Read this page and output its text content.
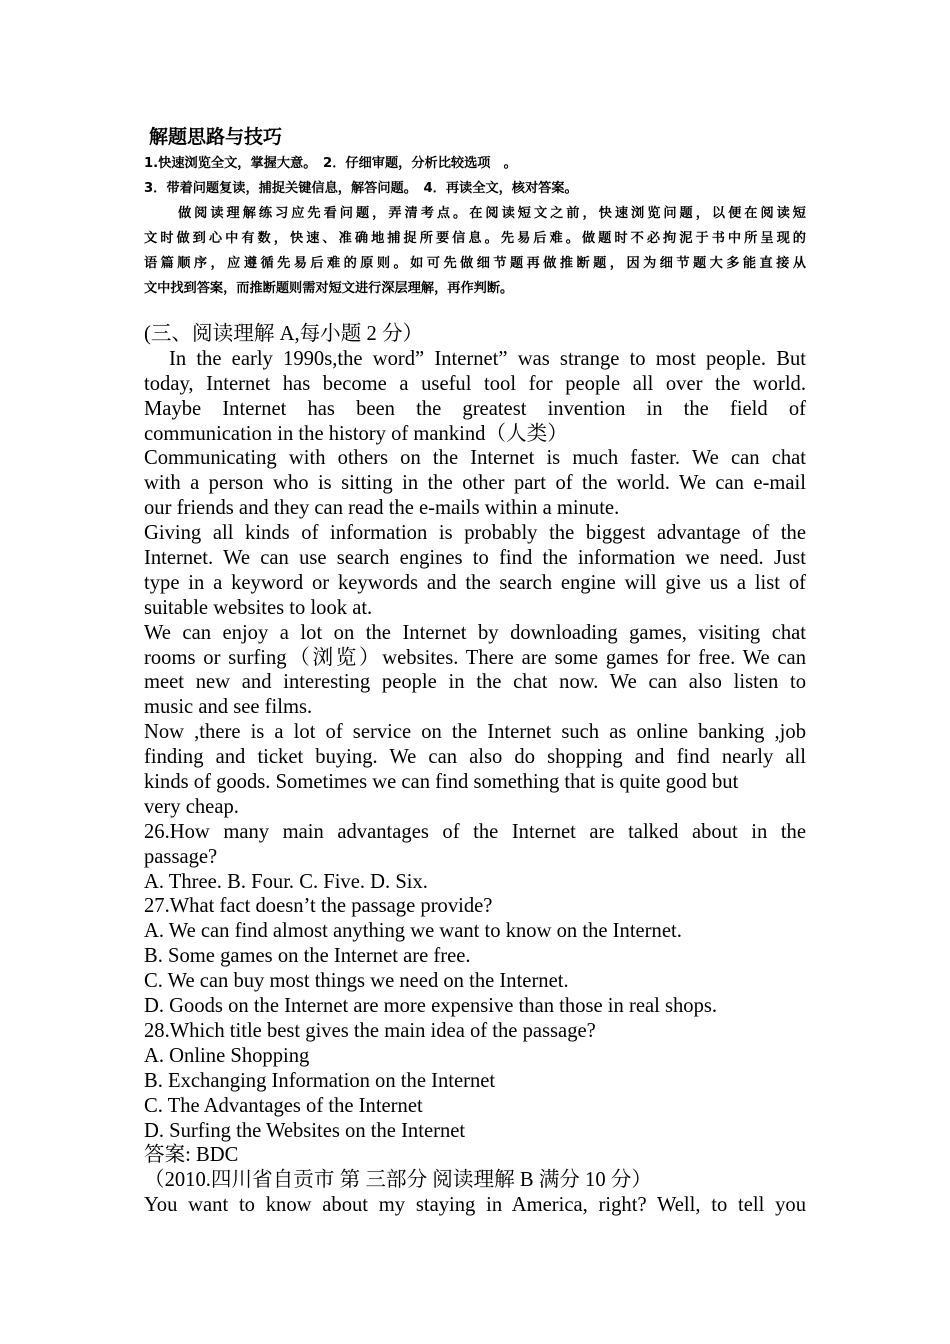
解题思路与技巧
1.快速浏览全文，掌握大意。　2．仔细审题，分析比较选项　。
3．带着问题复读，捕捉关键信息，解答问题。　4．再读全文，核对答案。
做阅读理解练习应先看问题，弄清考点。在阅读短文之前，快速浏览问题，以便在阅读短
文时做到心中有数，快速、准确地捕捉所要信息。先易后难。做题时不必拘泥于书中所呈现的
语篇顺序，应遵循先易后难的原则。如可先做细节题再做推断题，因为细节题大多能直接从
文中找到答案，而推断题则需对短文进行深层理解，再作判断。
(三、阅读理解 A,每小题 2 分）
In the early 1990s,the word” Internet” was strange to most people. But
today, Internet has become a useful tool for people all over the world.
Maybe Internet has been the greatest invention in the field of
communication in the history of mankind（人类）
Communicating with others on the Internet is much faster. We can chat
with a person who is sitting in the other part of the world. We can e-mail
our friends and they can read the e-mails within a minute.
Giving all kinds of information is probably the biggest advantage of the
Internet. We can use search engines to find the information we need. Just
type in a keyword or keywords and the search engine will give us a list of
suitable websites to look at.
We can enjoy a lot on the Internet by downloading games, visiting chat
rooms or surfing（浏览）websites. There are some games for free. We can
meet new and interesting people in the chat now. We can also listen to
music and see films.
Now ,there is a lot of service on the Internet such as online banking ,job
finding and ticket buying. We can also do shopping and find nearly all
kinds of goods. Sometimes we can find something that is quite good but
very cheap.
26.How many main advantages of the Internet are talked about in the
passage?
A. Three. B. Four. C. Five. D. Six.
27.What fact doesn’t the passage provide?
A. We can find almost anything we want to know on the Internet.
B. Some games on the Internet are free.
C. We can buy most things we need on the Internet.
D. Goods on the Internet are more expensive than those in real shops.
28.Which title best gives the main idea of the passage?
A. Online Shopping
B. Exchanging Information on the Internet
C. The Advantages of the Internet
D. Surfing the Websites on the Internet
答案: BDC
（2010.四川省自贡市 第 三部分 阅读理解 B 满分 10 分）
You want to know about my staying in America, right? Well, to tell you
